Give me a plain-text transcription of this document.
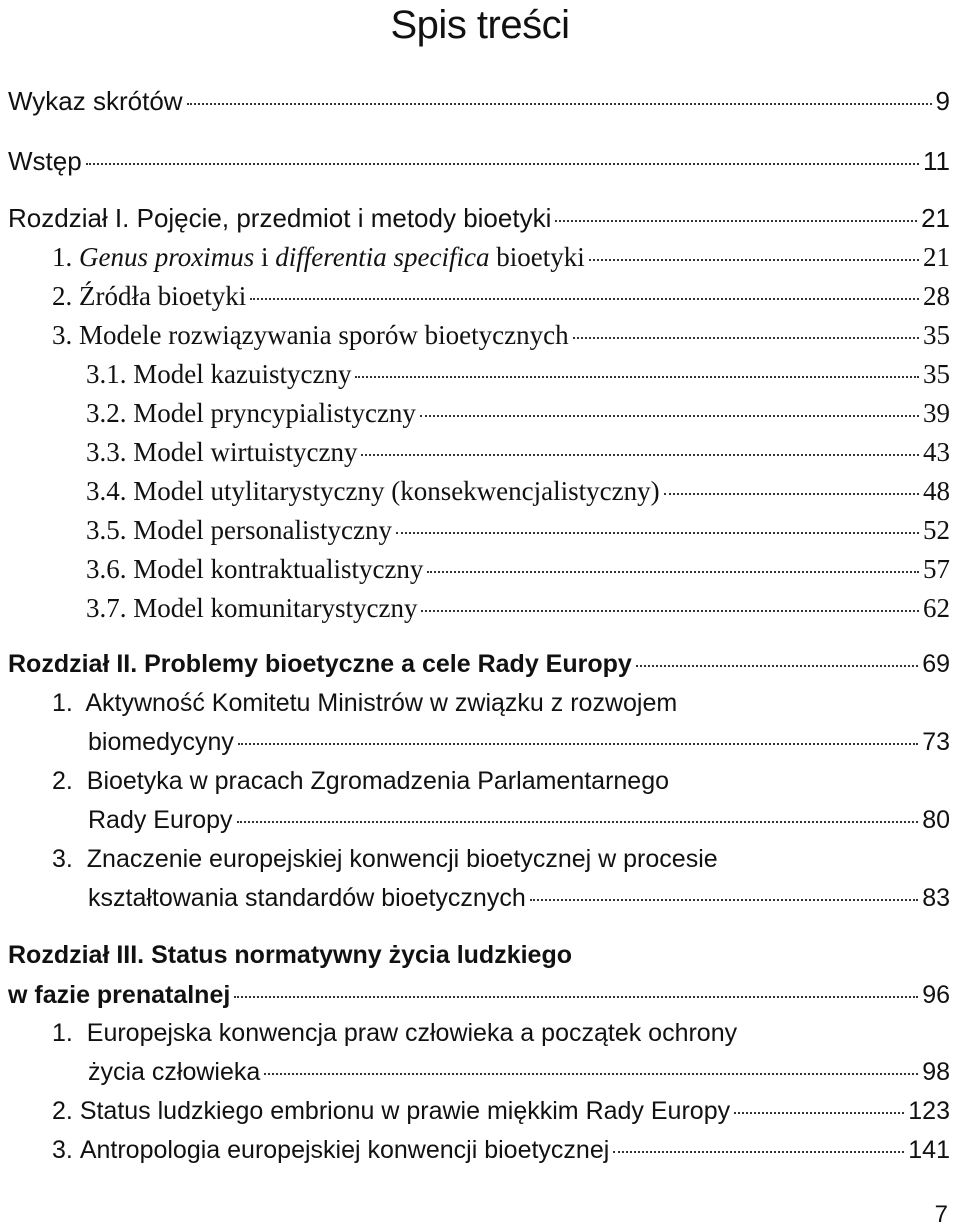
Spis treści
Wykaz skrótów	9
Wstęp	11
Rozdział I. Pojęcie, przedmiot i metody bioetyki	21
1.
Genus proximus i differentia specifica bioetyki	21
2.
Źródła bioetyki	28
3.
Modele rozwiązywania sporów bioetycznych	35
3.1.
Model kazuistyczny	35
3.2.
Model pryncypialistyczny	39
3.3.
Model wirtuistyczny	43
3.4.
Model utylitarystyczny (konsekwencjalistyczny)	48
3.5.
Model personalistyczny	52
3.6.
Model kontraktualistyczny	57
3.7.
Model komunitarystyczny	62
Rozdział II. Problemy bioetyczne a cele Rady Europy	69
1. Aktywność Komitetu Ministrów w związku z rozwojem
biomedycyny	73
2. Bioetyka w pracach Zgromadzenia Parlamentarnego
Rady Europy	80
3. Znaczenie europejskiej konwencji bioetycznej w procesie
kształtowania standardów bioetycznych	83
Rozdział III. Status normatywny życia ludzkiego
w fazie prenatalnej	96
1. Europejska konwencja praw człowieka a początek ochrony
życia człowieka	98
2.
Status ludzkiego embrionu w prawie miękkim Rady Europy	123
3.
Antropologia europejskiej konwencji bioetycznej	141
7
